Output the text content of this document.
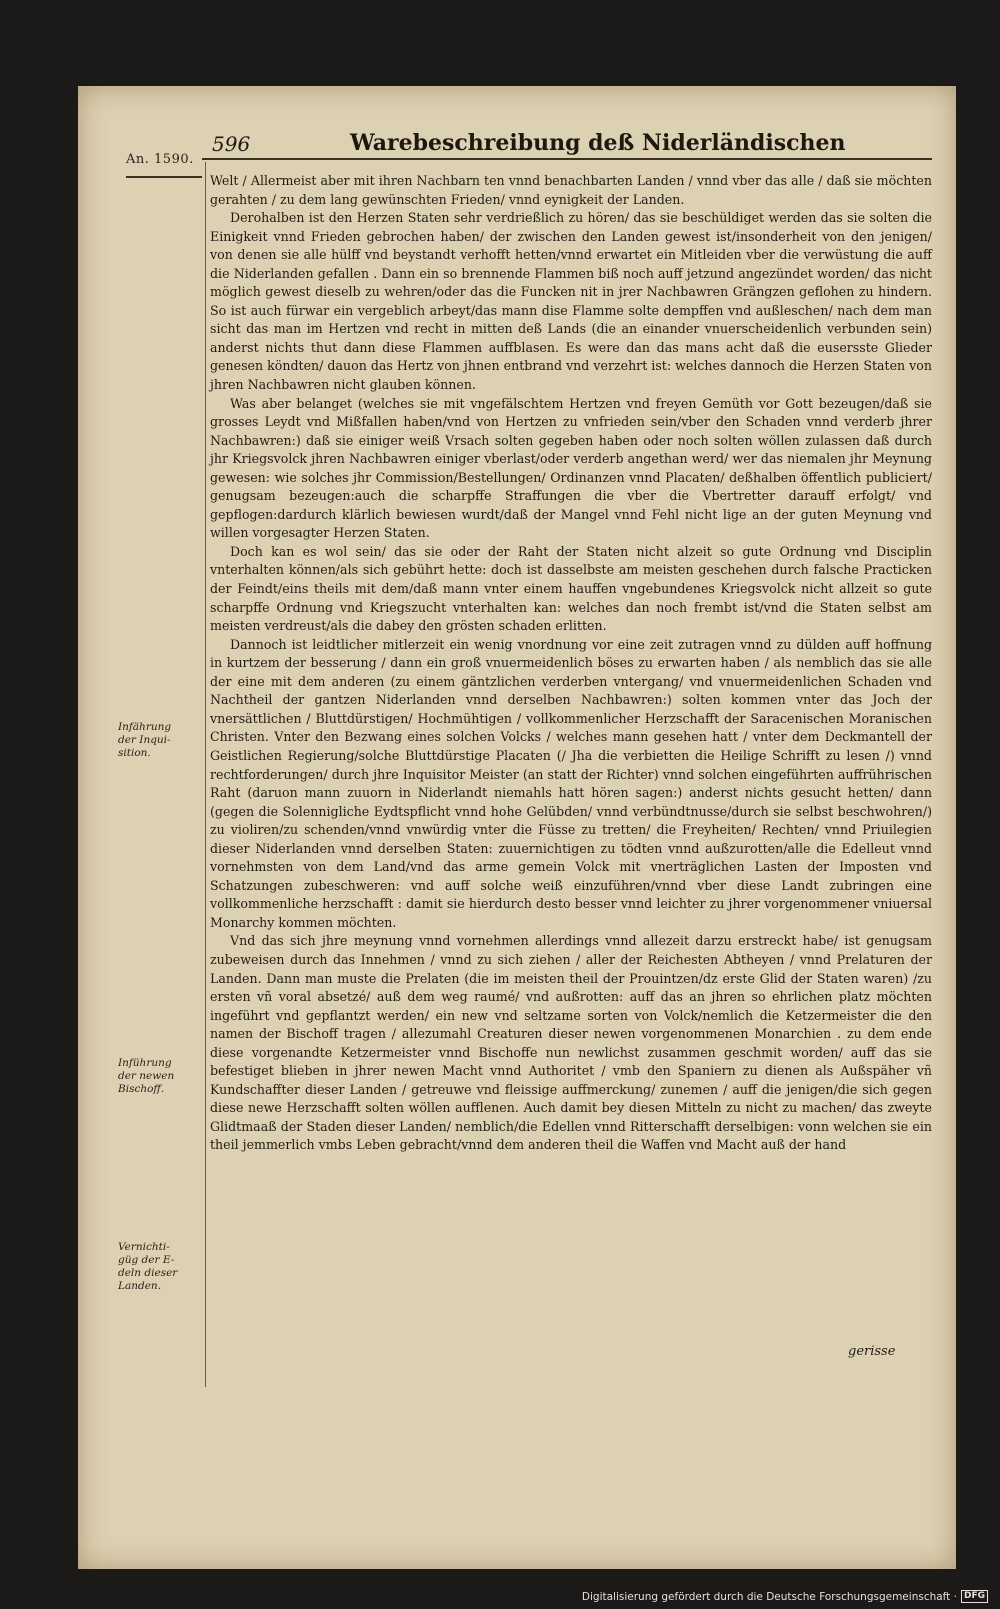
An. 1590.
596	Warebeschreibung deß Niderländischen

Welt / Allermeist aber mit ihren Nachbarn ten vnnd benachbarten Landen / vnnd vber das alle / daß sie möchten gerahten / zu dem lang gewünschten Frieden/ vnnd eynigkeit der Landen.

Derohalben ist den Herzen Staten sehr verdrießlich zu hören/ das sie beschüldiget werden das sie solten die Einigkeit vnnd Frieden gebrochen haben/ der zwischen den Landen gewest ist/insonderheit von den jenigen/ von denen sie alle hülff vnd beystandt verhofft hetten/vnnd erwartet ein Mitleiden vber die verwüstung die auff die Niderlanden gefallen . Dann ein so brennende Flammen biß noch auff jetzund angezündet worden/ das nicht möglich gewest dieselb zu wehren/oder das die Funcken nit in jrer Nachbawren Grängzen geflohen zu hindern. So ist auch fürwar ein vergeblich arbeyt/das mann dise Flamme solte dempffen vnd außleschen/ nach dem man sicht das man im Hertzen vnd recht in mitten deß Lands (die an einander vnuerscheidenlich verbunden sein) anderst nichts thut dann diese Flammen auffblasen. Es were dan das mans acht daß die eusersste Glieder genesen köndten/ dauon das Hertz von jhnen entbrand vnd verzehrt ist: welches dannoch die Herzen Staten von jhren Nachbawren nicht glauben können.

Was aber belanget (welches sie mit vngefälschtem Hertzen vnd freyen Gemüth vor Gott bezeugen/daß sie grosses Leydt vnd Mißfallen haben/vnd von Hertzen zu vnfrieden sein/vber den Schaden vnnd verderb jhrer Nachbawren:) daß sie einiger weiß Vrsach solten gegeben haben oder noch solten wöllen zulassen daß durch jhr Kriegsvolck jhren Nachbawren einiger vberlast/oder verderb angethan werd/ wer das niemalen jhr Meynung gewesen: wie solches jhr Commission/Bestellungen/ Ordinanzen vnnd Placaten/ deßhalben öffentlich publiciert/ genugsam bezeugen:auch die scharpffe Straffungen die vber die Vbertretter darauff erfolgt/ vnd gepflogen:dardurch klärlich bewiesen wurdt/daß der Mangel vnnd Fehl nicht lige an der guten Meynung vnd willen vorgesagter Herzen Staten.

Doch kan es wol sein/ das sie oder der Raht der Staten nicht alzeit so gute Ordnung vnd Disciplin vnterhalten können/als sich gebührt hette: doch ist dasselbste am meisten geschehen durch falsche Practicken der Feindt/eins theils mit dem/daß mann vnter einem hauffen vngebundenes Kriegsvolck nicht allzeit so gute scharpffe Ordnung vnd Kriegszucht vnterhalten kan: welches dan noch frembt ist/vnd die Staten selbst am meisten verdreust/als die dabey den grösten schaden erlitten.

Dannoch ist leidtlicher mitlerzeit ein wenig vnordnung vor eine zeit zutragen vnnd zu dülden auff hoffnung in kurtzem der besserung / dann ein groß vnuermeidenlich böses zu erwarten haben / als nemblich das sie alle der eine mit dem anderen (zu einem gäntzlichen verderben vntergang/ vnd vnuermeidenlichen Schaden vnd Nachtheil der gantzen Niderlanden vnnd derselben Nachbawren:) solten kommen vnter das Joch der vnersättlichen / Bluttdürstigen/ Hochmühtigen / vollkommenlicher Herzschafft der Saracenischen Moranischen Christen. Vnter den Bezwang eines solchen Volcks / welches mann gesehen hatt / vnter dem Deckmantell der Geistlichen Regierung/solche Bluttdürstige Placaten (/ Jha die verbietten die Heilige Schrifft zu lesen /) vnnd rechtforderungen/ durch jhre Inquisitor Meister (an statt der Richter) vnnd solchen eingeführten auffrührischen Raht (daruon mann zuuorn in Niderlandt niemahls hatt hören sagen:) anderst nichts gesucht hetten/ dann (gegen die Solennigliche Eydtspflicht vnnd hohe Gelübden/ vnnd verbündtnusse/durch sie selbst beschwohren/) zu violiren/zu schenden/vnnd vnwürdig vnter die Füsse zu tretten/ die Freyheiten/ Rechten/ vnnd Priuilegien dieser Niderlanden vnnd derselben Staten: zuuernichtigen zu tödten vnnd außzurotten/alle die Edelleut vnnd vornehmsten von dem Land/vnd das arme gemein Volck mit vnerträglichen Lasten der Imposten vnd Schatzungen zubeschweren: vnd auff solche weiß einzuführen/vnnd vber diese Landt zubringen eine vollkommenliche herzschafft : damit sie hierdurch desto besser vnnd leichter zu jhrer vorgenommener vniuersal Monarchy kommen möchten.

Vnd das sich jhre meynung vnnd vornehmen allerdings vnnd allezeit darzu erstreckt habe/ ist genugsam zubeweisen durch das Innehmen / vnnd zu sich ziehen / aller der Reichesten Abtheyen / vnnd Prelaturen der Landen. Dann man muste die Prelaten (die im meisten theil der Prouintzen/dz erste Glid der Staten waren) /zu ersten vñ voral absetzé/ auß dem weg raumé/ vnd außrotten: auff das an jhren so ehrlichen platz möchten ingeführt vnd gepflantzt werden/ ein new vnd seltzame sorten von Volck/nemlich die Ketzermeister die den namen der Bischoff tragen / allezumahl Creaturen dieser newen vorgenommenen Monarchien . zu dem ende diese vorgenandte Ketzermeister vnnd Bischoffe nun newlichst zusammen geschmit worden/ auff das sie befestiget blieben in jhrer newen Macht vnnd Authoritet / vmb den Spaniern zu dienen als Außspäher vñ Kundschaffter dieser Landen / getreuwe vnd fleissige auffmerckung/ zunemen / auff die jenigen/die sich gegen diese newe Herzschafft solten wöllen aufflenen. Auch damit bey diesen Mitteln zu nicht zu machen/ das zweyte Glidtmaaß der Staden dieser Landen/ nemblich/die Edellen vnnd Ritterschafft derselbigen: vonn welchen sie ein theil jemmerlich vmbs Leben gebracht/vnnd dem anderen theil die Waffen vnd Macht auß der hand

Infährung
der Inqui-
sition.
Inführung
der newen
Bischoff.
Vernichti-
güg der E-
deln dieser
Landen.
gerisse
Digitalisierung gefördert durch die Deutsche Forschungsgemeinschaft · DFG
